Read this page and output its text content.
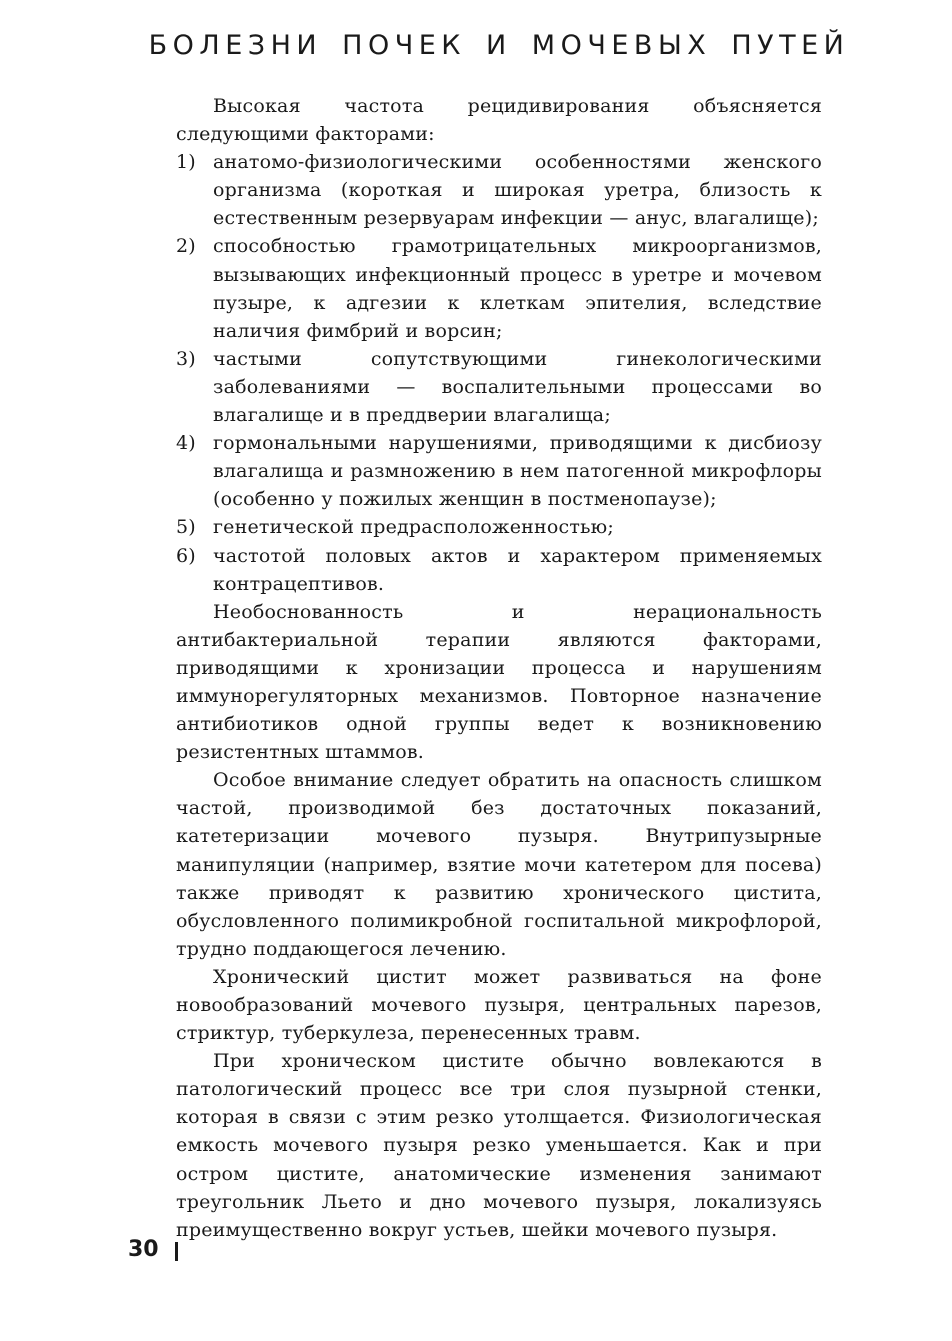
БОЛЕЗНИ ПОЧЕК И МОЧЕВЫХ ПУТЕЙ

Высокая частота рецидивирования объясняется следующими факторами:

1) анатомо-физиологическими особенностями женского организма (короткая и широкая уретра, близость к естественным резервуарам инфекции — анус, влагалище);
2) способностью грамотрицательных микроорганизмов, вызывающих инфекционный процесс в уретре и мочевом пузыре, к адгезии к клеткам эпителия, вследствие наличия фимбрий и ворсин;
3) частыми сопутствующими гинекологическими заболеваниями — воспалительными процессами во влагалище и в преддверии влагалища;
4) гормональными нарушениями, приводящими к дисбиозу влагалища и размножению в нем патогенной микрофлоры (особенно у пожилых женщин в постменопаузе);
5) генетической предрасположенностью;
6) частотой половых актов и характером применяемых контрацептивов.

Необоснованность и нерациональность антибактериальной терапии являются факторами, приводящими к хронизации процесса и нарушениям иммунорегуляторных механизмов. Повторное назначение антибиотиков одной группы ведет к возникновению резистентных штаммов.

Особое внимание следует обратить на опасность слишком частой, производимой без достаточных показаний, катетеризации мочевого пузыря. Внутрипузырные манипуляции (например, взятие мочи катетером для посева) также приводят к развитию хронического цистита, обусловленного полимикробной госпитальной микрофлорой, трудно поддающегося лечению.

Хронический цистит может развиваться на фоне новообразований мочевого пузыря, центральных парезов, стриктур, туберкулеза, перенесенных травм.

При хроническом цистите обычно вовлекаются в патологический процесс все три слоя пузырной стенки, которая в связи с этим резко утолщается. Физиологическая емкость мочевого пузыря резко уменьшается. Как и при остром цистите, анатомические изменения занимают треугольник Льето и дно мочевого пузыря, локализуясь преимущественно вокруг устьев, шейки мочевого пузыря.

30
